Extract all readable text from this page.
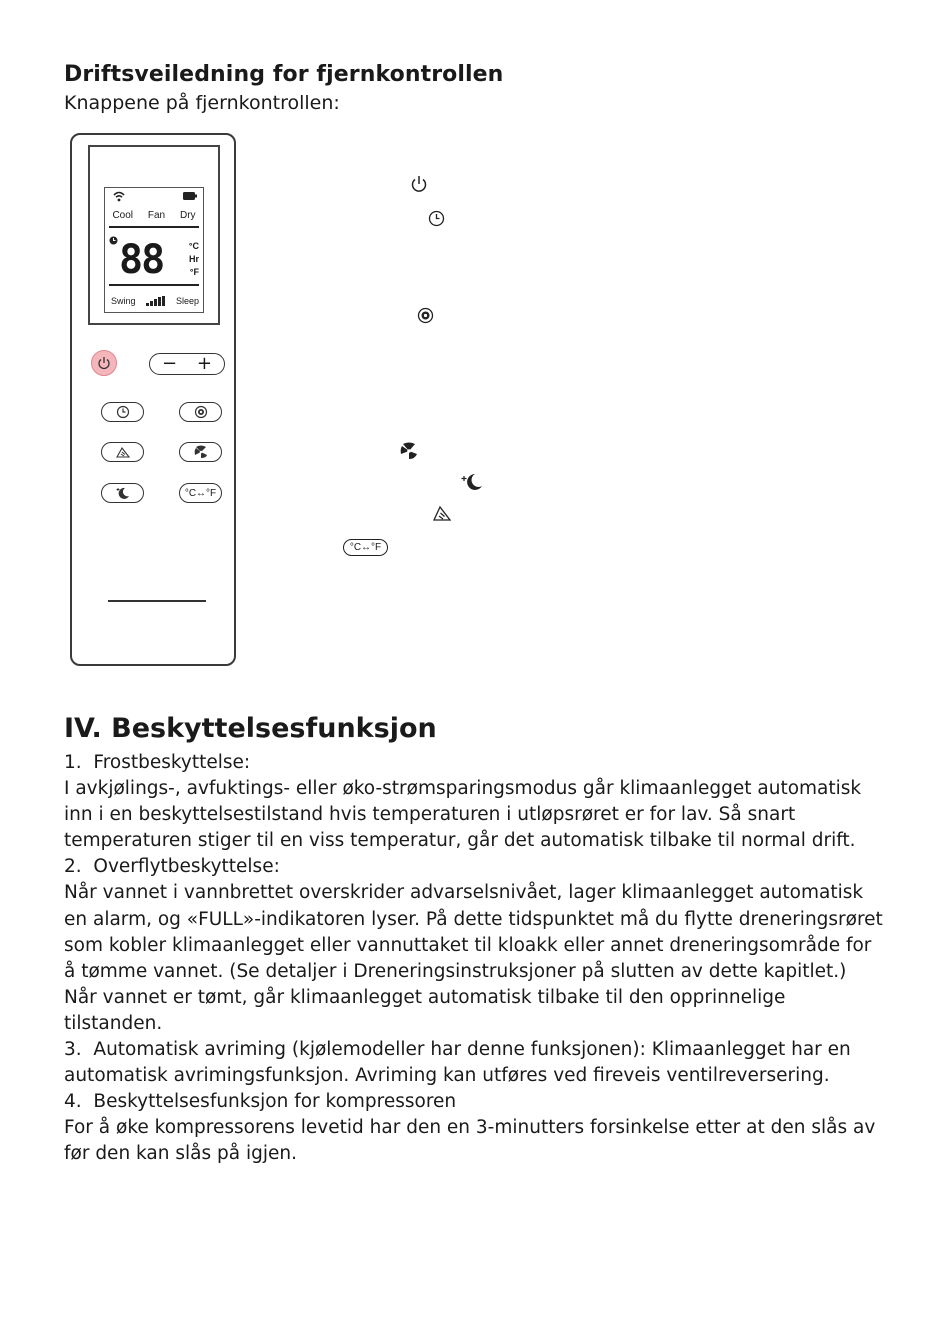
Driftsveiledning for fjernkontrollen
Knappene på fjernkontrollen:
Cool Fan Dry
88	°C
Hr
°F
Swing	Sleep
− +
°C↔°F
°C↔°F
IV. Beskyttelsesfunksjon

1.  Frostbeskyttelse:

I avkjølings-, avfuktings- eller øko-strømsparingsmodus går klimaanlegget automatisk inn i en beskyttelsestilstand hvis temperaturen i utløpsrøret er for lav. Så snart temperaturen stiger til en viss temperatur, går det automatisk tilbake til normal drift.

2.  Overflytbeskyttelse:

Når vannet i vannbrettet overskrider advarselsnivået, lager klimaanlegget automatisk en alarm, og «FULL»-indikatoren lyser. På dette tidspunktet må du flytte dreneringsrøret som kobler klimaanlegget eller vannuttaket til kloakk eller annet dreneringsområde for å tømme vannet. (Se detaljer i Dreneringsinstruksjoner på slutten av dette kapitlet.) Når vannet er tømt, går klimaanlegget automatisk tilbake til den opprinnelige tilstanden.

3.  Automatisk avriming (kjølemodeller har denne funksjonen): Klimaanlegget har en automatisk avrimingsfunksjon. Avriming kan utføres ved fireveis ventilreversering.

4.  Beskyttelsesfunksjon for kompressoren

For å øke kompressorens levetid har den en 3-minutters forsinkelse etter at den slås av før den kan slås på igjen.
